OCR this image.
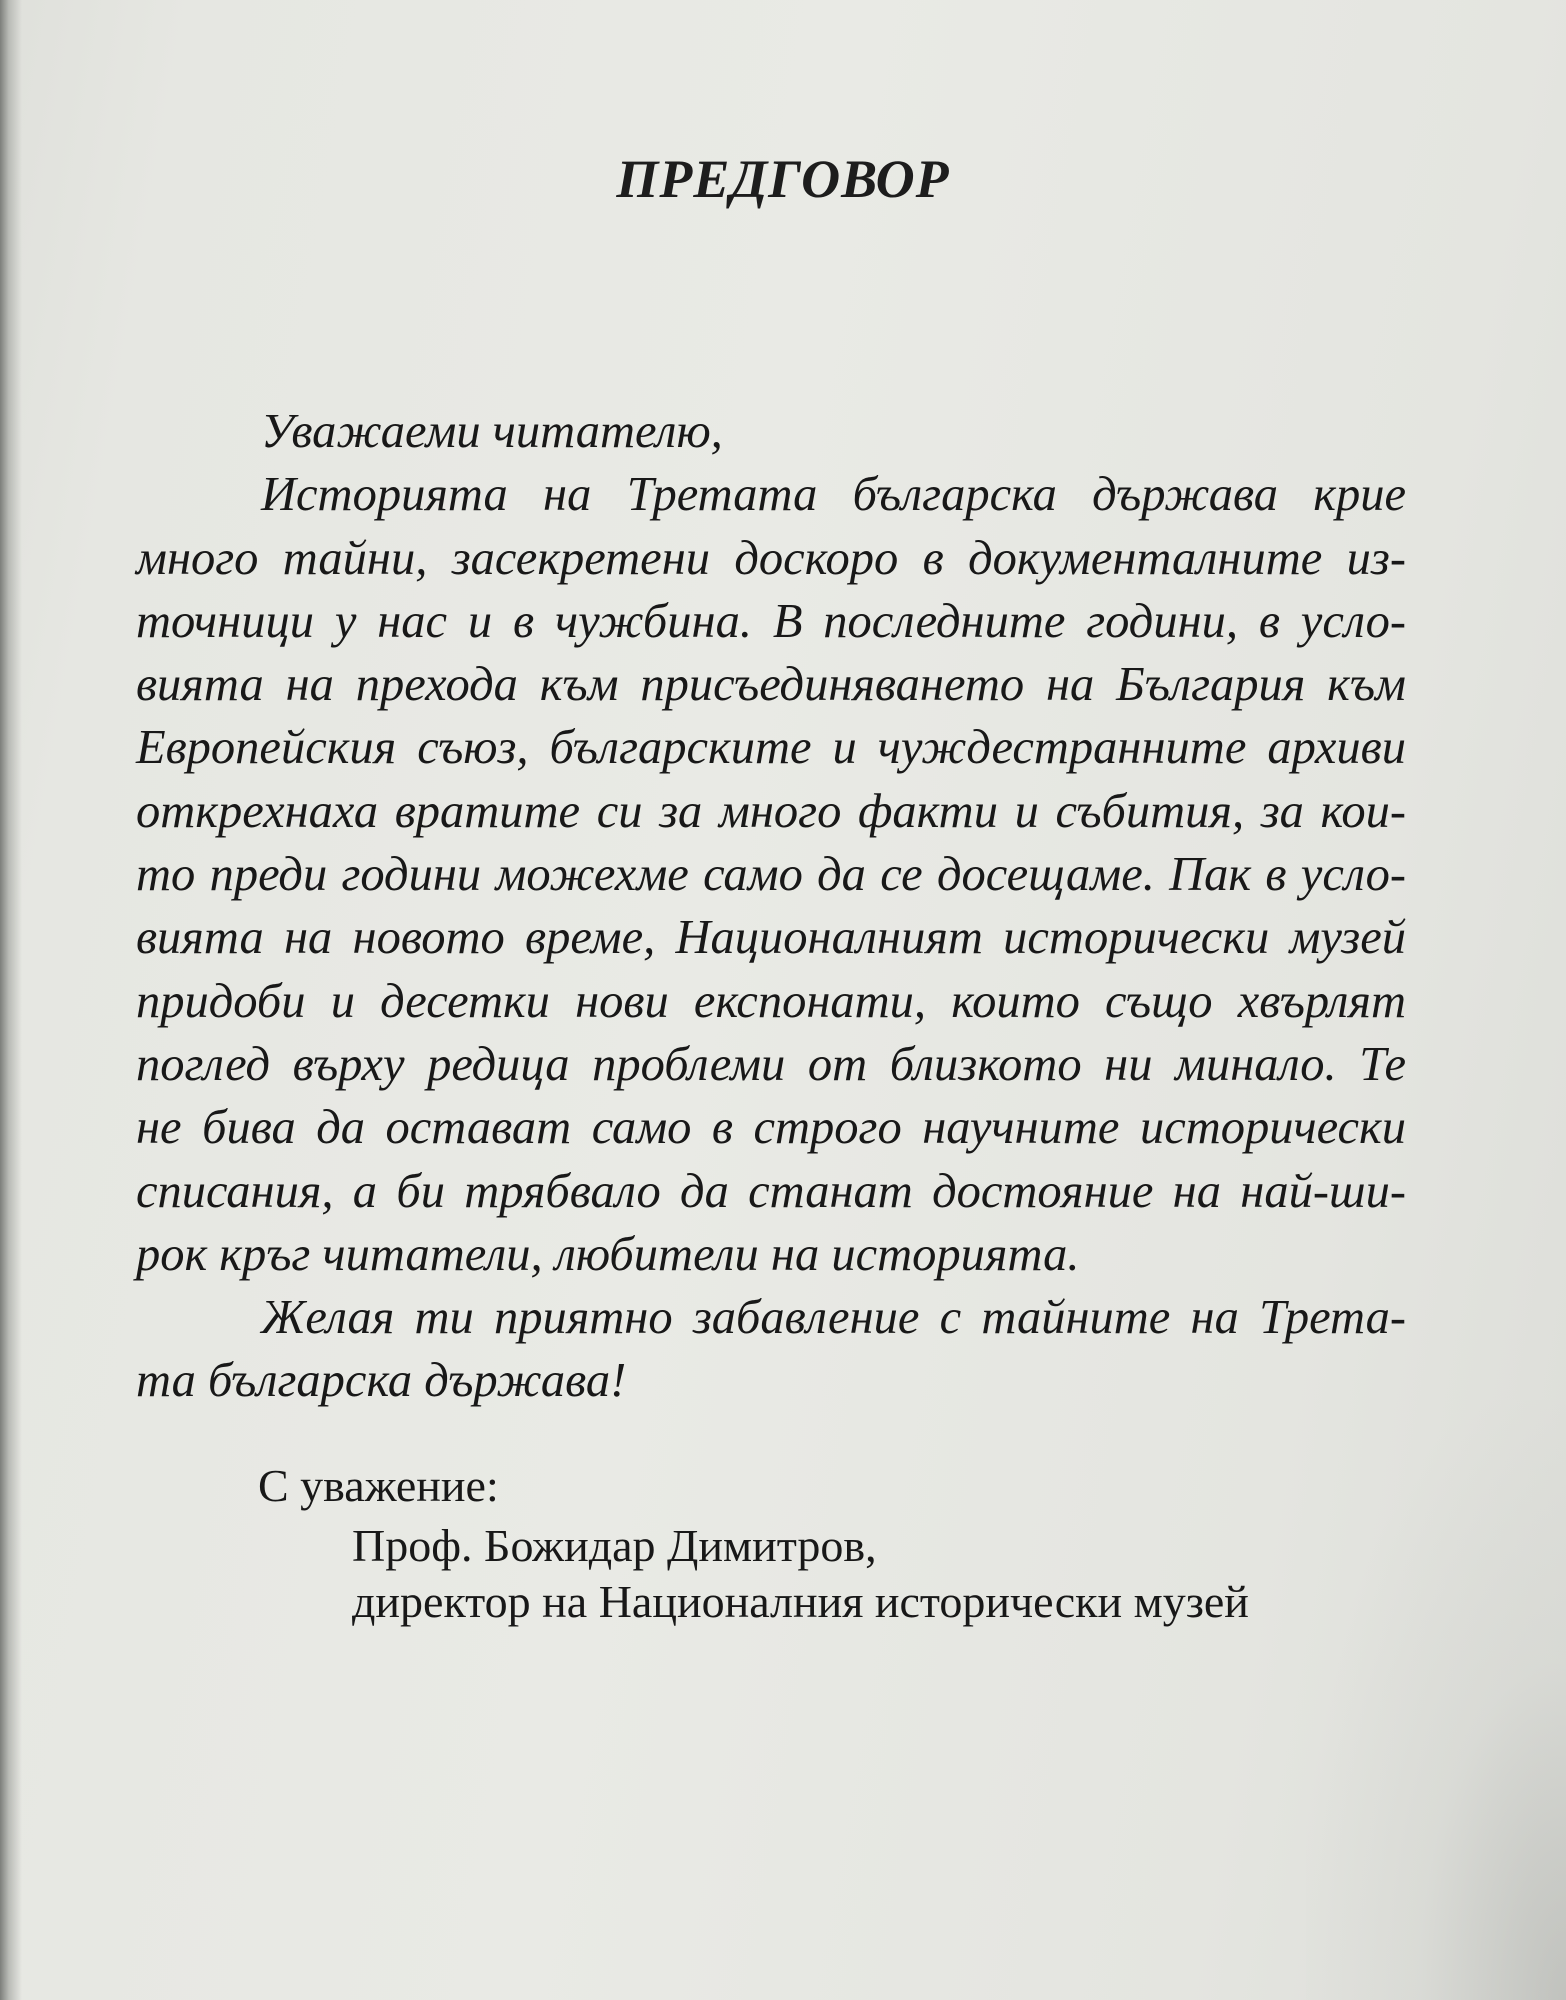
ПРЕДГОВОР
Уважаеми читателю,
Историята на Третата българска държава крие
много тайни, засекретени доскоро в документалните из-
точници у нас и в чужбина. В последните години, в усло-
вията на прехода към присъединяването на България към
Европейския съюз, българските и чуждестранните архиви
открехнаха вратите си за много факти и събития, за кои-
то преди години можехме само да се досещаме. Пак в усло-
вията на новото време, Националният исторически музей
придоби и десетки нови експонати, които също хвърлят
поглед върху редица проблеми от близкото ни минало. Те
не бива да остават само в строго научните исторически
списания, а би трябвало да станат достояние на най-ши-
рок кръг читатели, любители на историята.
Желая ти приятно забавление с тайните на Трета-
та българска държава!
С уважение:
Проф. Божидар Димитров,
директор на Националния исторически музей
